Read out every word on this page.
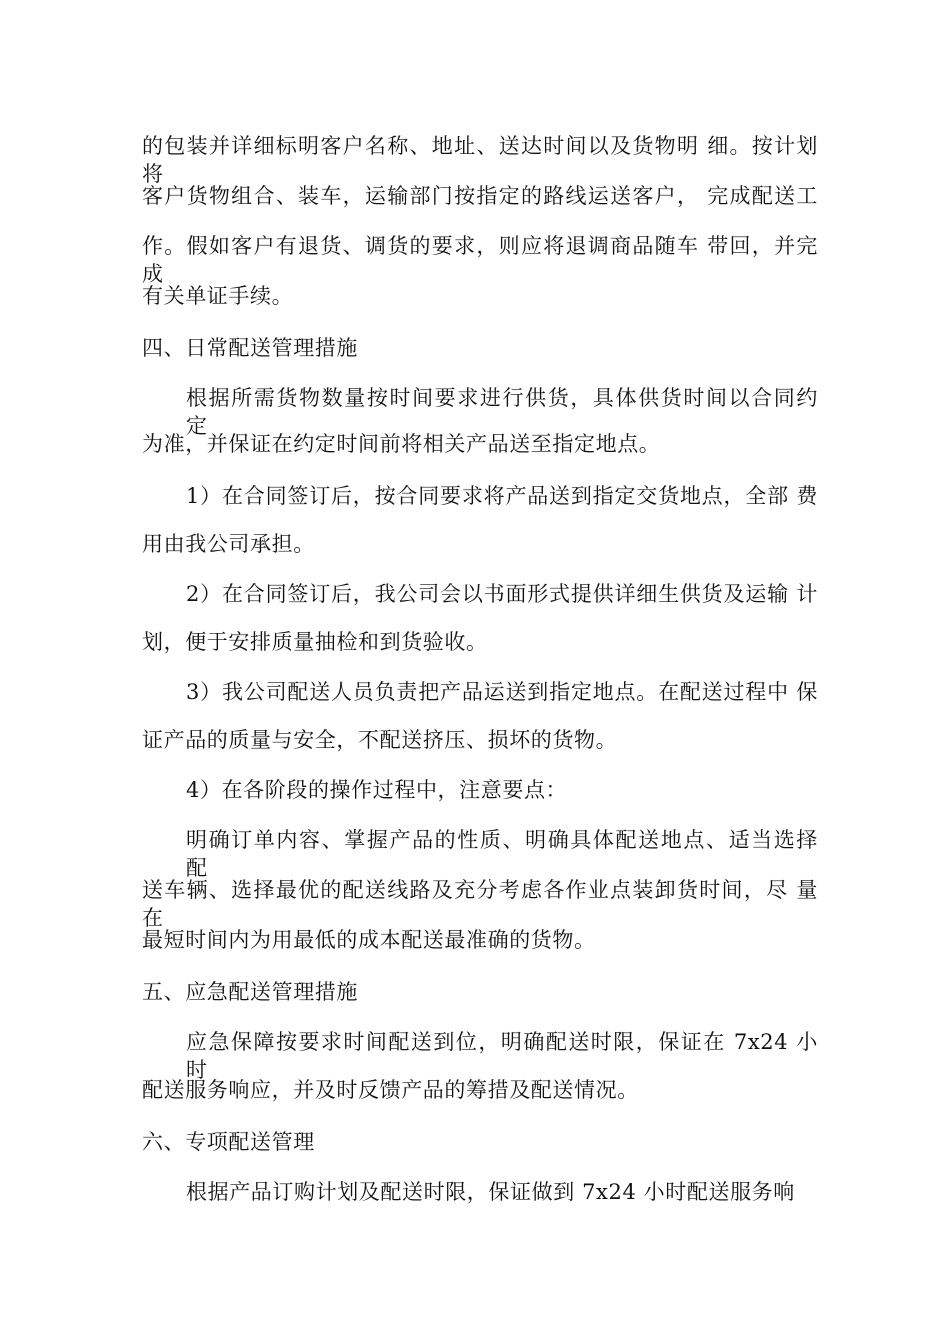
的包装并详细标明客户名称、地址、送达时间以及货物明 细。按计划将
客户货物组合、装车，运输部门按指定的路线运送客户， 完成配送工
作。假如客户有退货、调货的要求，则应将退调商品随车 带回，并完成
有关单证手续。
四、日常配送管理措施
根据所需货物数量按时间要求进行供货，具体供货时间以合同约 定
为准，并保证在约定时间前将相关产品送至指定地点。
1）在合同签订后，按合同要求将产品送到指定交货地点，全部 费
用由我公司承担。
2）在合同签订后，我公司会以书面形式提供详细生供货及运输 计
划，便于安排质量抽检和到货验收。
3）我公司配送人员负责把产品运送到指定地点。在配送过程中 保
证产品的质量与安全，不配送挤压、损坏的货物。
4）在各阶段的操作过程中，注意要点：
明确订单内容、掌握产品的性质、明确具体配送地点、适当选择 配
送车辆、选择最优的配送线路及充分考虑各作业点装卸货时间，尽 量在
最短时间内为用最低的成本配送最准确的货物。
五、应急配送管理措施
应急保障按要求时间配送到位，明确配送时限，保证在 7x24 小 时
配送服务响应，并及时反馈产品的筹措及配送情况。
六、专项配送管理
根据产品订购计划及配送时限，保证做到 7x24 小时配送服务响
